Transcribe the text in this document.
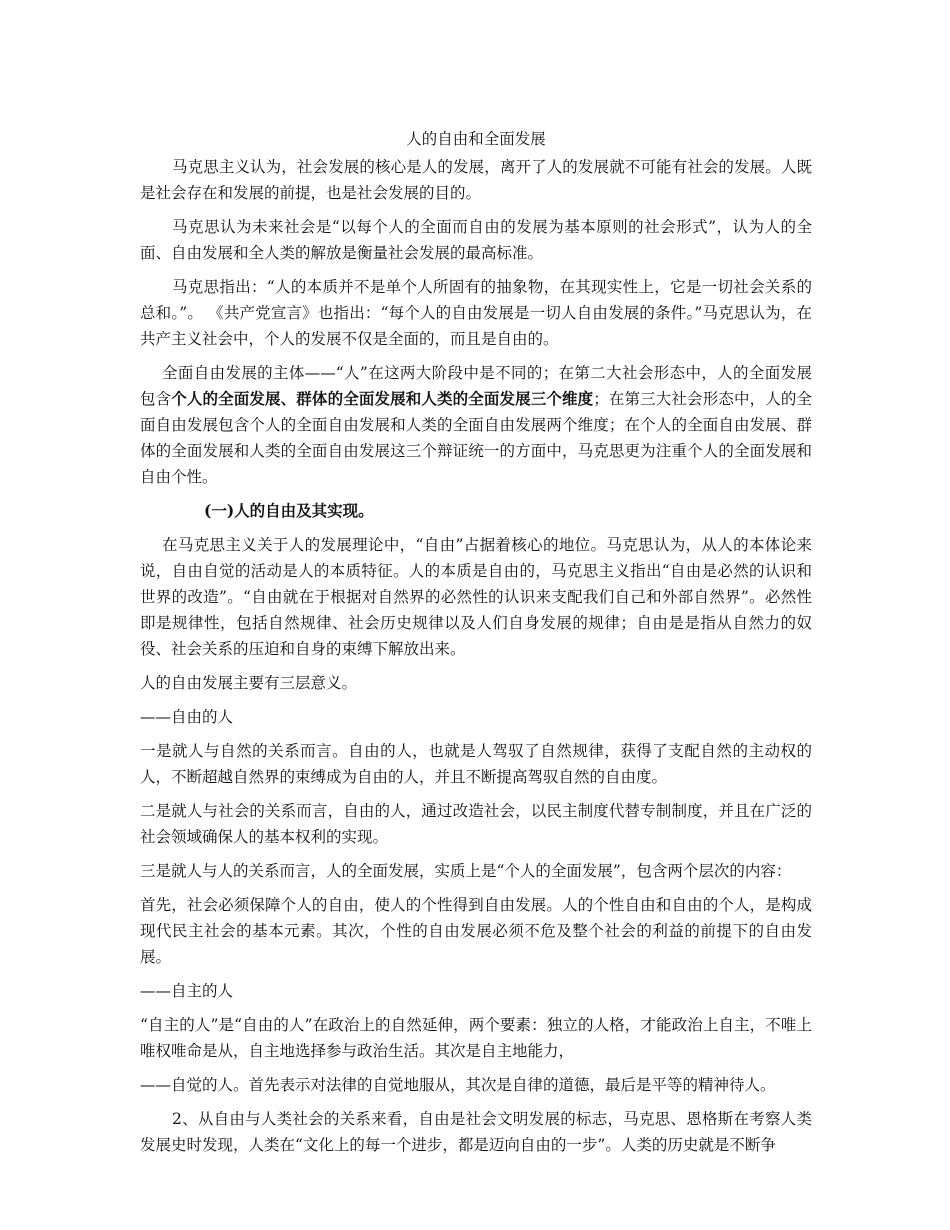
人的自由和全面发展

马克思主义认为，社会发展的核心是人的发展，离开了人的发展就不可能有社会的发展。人既是社会存在和发展的前提，也是社会发展的目的。

马克思认为未来社会是“以每个人的全面而自由的发展为基本原则的社会形式”，认为人的全面、自由发展和全人类的解放是衡量社会发展的最高标准。

马克思指出：“人的本质并不是单个人所固有的抽象物，在其现实性上，它是一切社会关系的总和。”。 《共产党宣言》也指出：“每个人的自由发展是一切人自由发展的条件。”马克思认为，在共产主义社会中，个人的发展不仅是全面的，而且是自由的。

全面自由发展的主体——“人”在这两大阶段中是不同的；在第二大社会形态中，人的全面发展包含个人的全面发展、群体的全面发展和人类的全面发展三个维度；在第三大社会形态中，人的全面自由发展包含个人的全面自由发展和人类的全面自由发展两个维度；在个人的全面自由发展、群体的全面发展和人类的全面自由发展这三个辩证统一的方面中，马克思更为注重个人的全面发展和自由个性。

(一)人的自由及其实现。

在马克思主义关于人的发展理论中，“自由”占据着核心的地位。马克思认为，从人的本体论来说，自由自觉的活动是人的本质特征。人的本质是自由的，马克思主义指出“自由是必然的认识和世界的改造”。“自由就在于根据对自然界的必然性的认识来支配我们自己和外部自然界”。必然性即是规律性，包括自然规律、社会历史规律以及人们自身发展的规律；自由是是指从自然力的奴役、社会关系的压迫和自身的束缚下解放出来。

人的自由发展主要有三层意义。

——自由的人

一是就人与自然的关系而言。自由的人，也就是人驾驭了自然规律，获得了支配自然的主动权的人，不断超越自然界的束缚成为自由的人，并且不断提高驾驭自然的自由度。

二是就人与社会的关系而言，自由的人，通过改造社会，以民主制度代替专制制度，并且在广泛的社会领域确保人的基本权利的实现。

三是就人与人的关系而言，人的全面发展，实质上是“个人的全面发展”，包含两个层次的内容：

首先，社会必须保障个人的自由，使人的个性得到自由发展。人的个性自由和自由的个人，是构成现代民主社会的基本元素。其次，个性的自由发展必须不危及整个社会的利益的前提下的自由发展。

——自主的人

“自主的人”是“自由的人”在政治上的自然延伸，两个要素：独立的人格，才能政治上自主，不唯上唯权唯命是从，自主地选择参与政治生活。其次是自主地能力，

——自觉的人。首先表示对法律的自觉地服从，其次是自律的道德，最后是平等的精神待人。

2、从自由与人类社会的关系来看，自由是社会文明发展的标志，马克思、恩格斯在考察人类发展史时发现，人类在“文化上的每一个进步，都是迈向自由的一步”。人类的历史就是不断争
